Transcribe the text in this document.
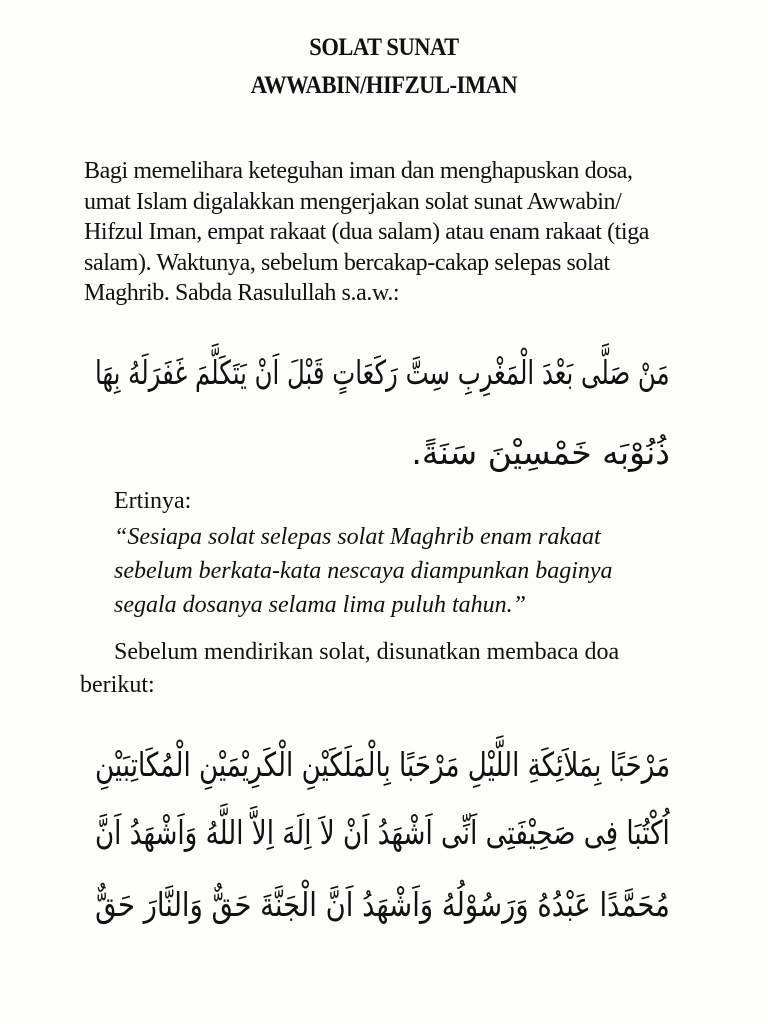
SOLAT SUNAT
AWWABIN/HIFZUL-IMAN
Bagi memelihara keteguhan iman dan menghapuskan dosa,
umat Islam digalakkan mengerjakan solat sunat Awwabin/
Hifzul Iman, empat rakaat (dua salam) atau enam rakaat (tiga
salam). Waktunya, sebelum bercakap-cakap selepas solat
Maghrib. Sabda Rasulullah s.a.w.:
مَنْ صَلَّى بَعْدَ الْمَغْرِبِ سِتَّ رَكَعَاتٍ قَبْلَ اَنْ يَتَكَلَّمَ غَفَرَلَهُ بِهَا
ذُنُوْبَه خَمْسِيْنَ سَنَةً.
Ertinya:
“Sesiapa solat selepas solat Maghrib enam rakaat
sebelum berkata-kata nescaya diampunkan baginya
segala dosanya selama lima puluh tahun.”
Sebelum mendirikan solat, disunatkan membaca doa
berikut:
مَرْحَبًا بِمَلاَئِكَةِ اللَّيْلِ مَرْحَبًا بِالْمَلَكَيْنِ الْكَرِيْمَيْنِ الْمُكَاتِبَيْنِ
اُكْتُبَا فِى صَحِيْفَتِى اَنِّى اَشْهَدُ اَنْ لاَ اِلَهَ اِلاَّ اللَّهُ وَاَشْهَدُ اَنَّ
مُحَمَّدًا عَبْدُهُ وَرَسُوْلُهُ وَاَشْهَدُ اَنَّ الْجَنَّةَ حَقٌّ وَالنَّارَ حَقٌّ
